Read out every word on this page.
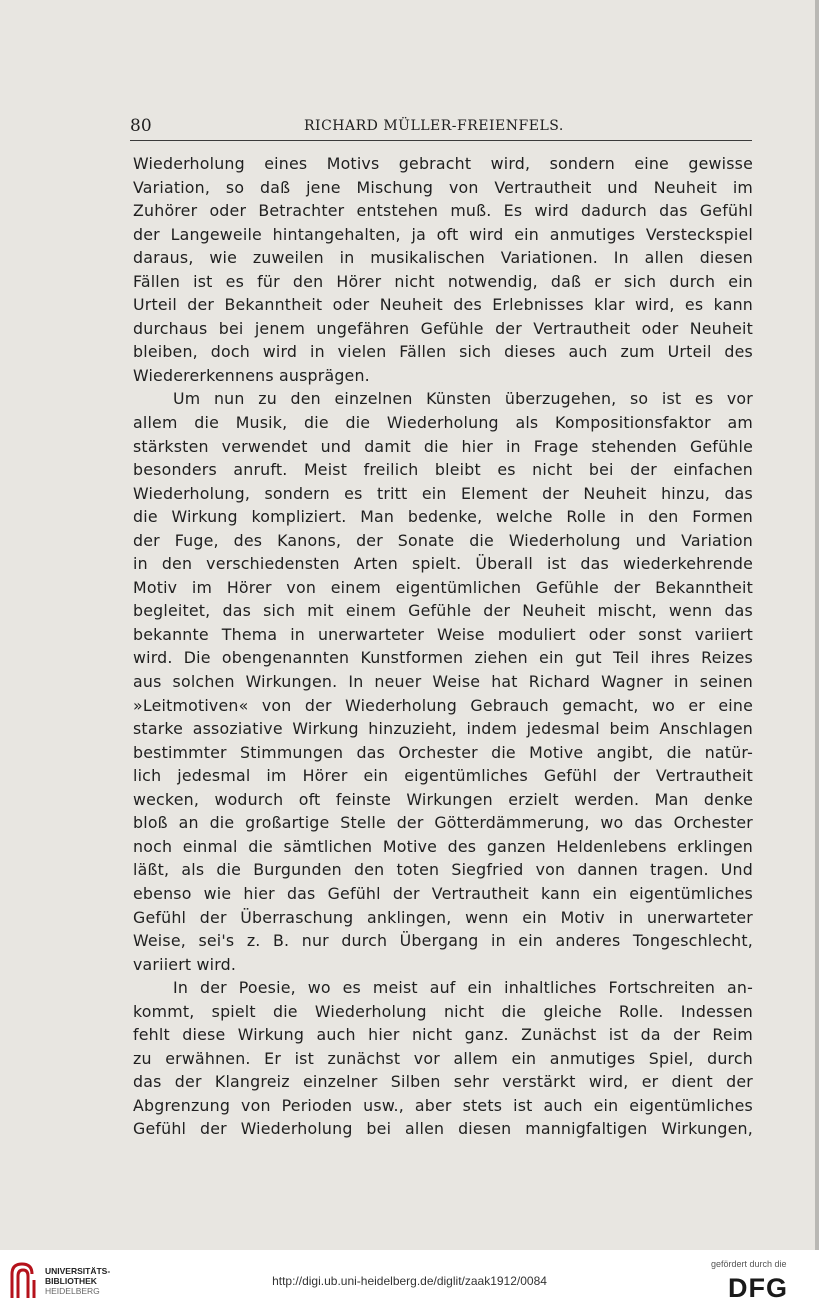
80	RICHARD MÜLLER-FREIENFELS.
Wiederholung eines Motivs gebracht wird, sondern eine gewisse
Variation, so daß jene Mischung von Vertrautheit und Neuheit im
Zuhörer oder Betrachter entstehen muß. Es wird dadurch das Gefühl
der Langeweile hintangehalten, ja oft wird ein anmutiges Versteckspiel
daraus, wie zuweilen in musikalischen Variationen. In allen diesen
Fällen ist es für den Hörer nicht notwendig, daß er sich durch ein
Urteil der Bekanntheit oder Neuheit des Erlebnisses klar wird, es kann
durchaus bei jenem ungefähren Gefühle der Vertrautheit oder Neuheit
bleiben, doch wird in vielen Fällen sich dieses auch zum Urteil des
Wiedererkennens ausprägen.
Um nun zu den einzelnen Künsten überzugehen, so ist es vor
allem die Musik, die die Wiederholung als Kompositionsfaktor am
stärksten verwendet und damit die hier in Frage stehenden Gefühle
besonders anruft. Meist freilich bleibt es nicht bei der einfachen
Wiederholung, sondern es tritt ein Element der Neuheit hinzu, das
die Wirkung kompliziert. Man bedenke, welche Rolle in den Formen
der Fuge, des Kanons, der Sonate die Wiederholung und Variation
in den verschiedensten Arten spielt. Überall ist das wiederkehrende
Motiv im Hörer von einem eigentümlichen Gefühle der Bekanntheit
begleitet, das sich mit einem Gefühle der Neuheit mischt, wenn das
bekannte Thema in unerwarteter Weise moduliert oder sonst variiert
wird. Die obengenannten Kunstformen ziehen ein gut Teil ihres Reizes
aus solchen Wirkungen. In neuer Weise hat Richard Wagner in seinen
»Leitmotiven« von der Wiederholung Gebrauch gemacht, wo er eine
starke assoziative Wirkung hinzuzieht, indem jedesmal beim Anschlagen
bestimmter Stimmungen das Orchester die Motive angibt, die natür-
lich jedesmal im Hörer ein eigentümliches Gefühl der Vertrautheit
wecken, wodurch oft feinste Wirkungen erzielt werden. Man denke
bloß an die großartige Stelle der Götterdämmerung, wo das Orchester
noch einmal die sämtlichen Motive des ganzen Heldenlebens erklingen
läßt, als die Burgunden den toten Siegfried von dannen tragen. Und
ebenso wie hier das Gefühl der Vertrautheit kann ein eigentümliches
Gefühl der Überraschung anklingen, wenn ein Motiv in unerwarteter
Weise, sei's z. B. nur durch Übergang in ein anderes Tongeschlecht,
variiert wird.
In der Poesie, wo es meist auf ein inhaltliches Fortschreiten an-
kommt, spielt die Wiederholung nicht die gleiche Rolle. Indessen
fehlt diese Wirkung auch hier nicht ganz. Zunächst ist da der Reim
zu erwähnen. Er ist zunächst vor allem ein anmutiges Spiel, durch
das der Klangreiz einzelner Silben sehr verstärkt wird, er dient der
Abgrenzung von Perioden usw., aber stets ist auch ein eigentümliches
Gefühl der Wiederholung bei allen diesen mannigfaltigen Wirkungen,
UNIVERSITÄTS-
BIBLIOTHEK
HEIDELBERG
http://digi.ub.uni-heidelberg.de/diglit/zaak1912/0084
gefördert durch die
DFG
